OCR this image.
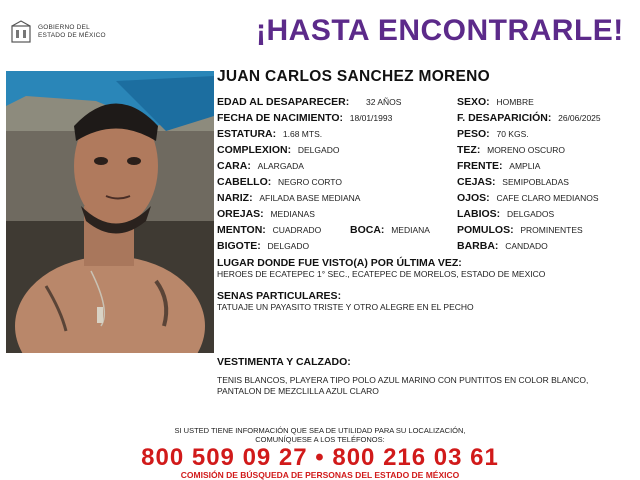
GOBIERNO DEL
ESTADO DE MÉXICO	¡HASTA ENCONTRARLE!
JUAN CARLOS SANCHEZ MORENO
EDAD AL DESAPARECER: 32 AÑOS
FECHA DE NACIMIENTO: 18/01/1993
ESTATURA: 1.68 MTS.
COMPLEXION: DELGADO
CARA: ALARGADA
CABELLO: NEGRO CORTO
NARIZ: AFILADA BASE MEDIANA
OREJAS: MEDIANAS
MENTON: CUADRADO	BOCA: MEDIANA
BIGOTE: DELGADO
SEXO: HOMBRE
F. DESAPARICIÓN: 26/06/2025
PESO: 70 KGS.
TEZ: MORENO OSCURO
FRENTE: AMPLIA
CEJAS: SEMIPOBLADAS
OJOS: CAFE CLARO MEDIANOS
LABIOS: DELGADOS
POMULOS: PROMINENTES
BARBA: CANDADO
LUGAR DONDE FUE VISTO(A) POR ÚLTIMA VEZ:
HEROES DE ECATEPEC 1° SEC., ECATEPEC DE MORELOS, ESTADO DE MEXICO
SENAS PARTICULARES:
TATUAJE UN PAYASITO TRISTE Y OTRO ALEGRE EN EL PECHO
VESTIMENTA Y CALZADO:
TENIS BLANCOS, PLAYERA TIPO POLO AZUL MARINO CON PUNTITOS EN COLOR BLANCO, PANTALON DE MEZCLILLA AZUL CLARO
SI USTED TIENE INFORMACIÓN QUE SEA DE UTILIDAD PARA SU LOCALIZACIÓN,
COMUNÍQUESE A LOS TELÉFONOS:
800 509 09 27 • 800 216 03 61
COMISIÓN DE BÚSQUEDA DE PERSONAS DEL ESTADO DE MÉXICO
